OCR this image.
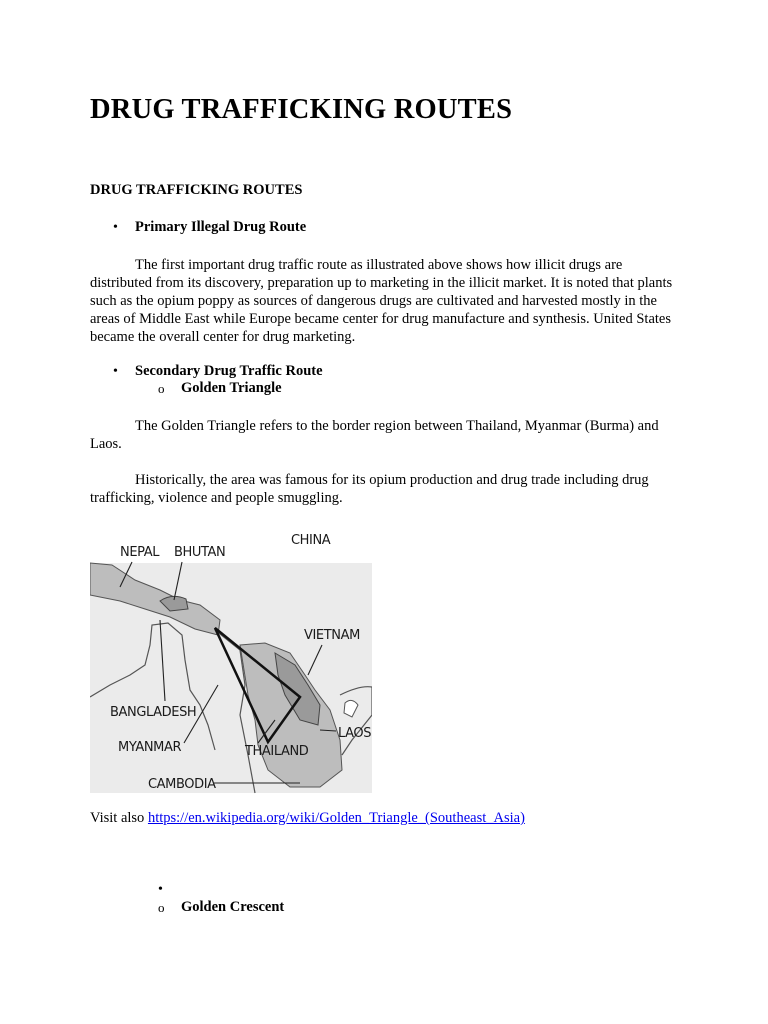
DRUG TRAFFICKING ROUTES
DRUG TRAFFICKING ROUTES
• Primary Illegal Drug Route
The first important drug traffic route as illustrated above shows how illicit drugs are distributed from its discovery, preparation up to marketing in the illicit market. It is noted that plants such as the opium poppy as sources of dangerous drugs are cultivated and harvested mostly in the areas of Middle East while Europe became center for drug manufacture and synthesis. United States became the overall center for drug marketing.
• Secondary Drug Traffic Route
o Golden Triangle
The Golden Triangle refers to the border region between Thailand, Myanmar (Burma) and Laos.
Historically, the area was famous for its opium production and drug trade including drug trafficking, violence and people smuggling.
NEPAL BHUTAN
CHINA
VIETNAM
BANGLADESH
LAOS
MYANMAR	THAILAND
CAMBODIA
Visit also https://en.wikipedia.org/wiki/Golden_Triangle_(Southeast_Asia)
•
o Golden Crescent
